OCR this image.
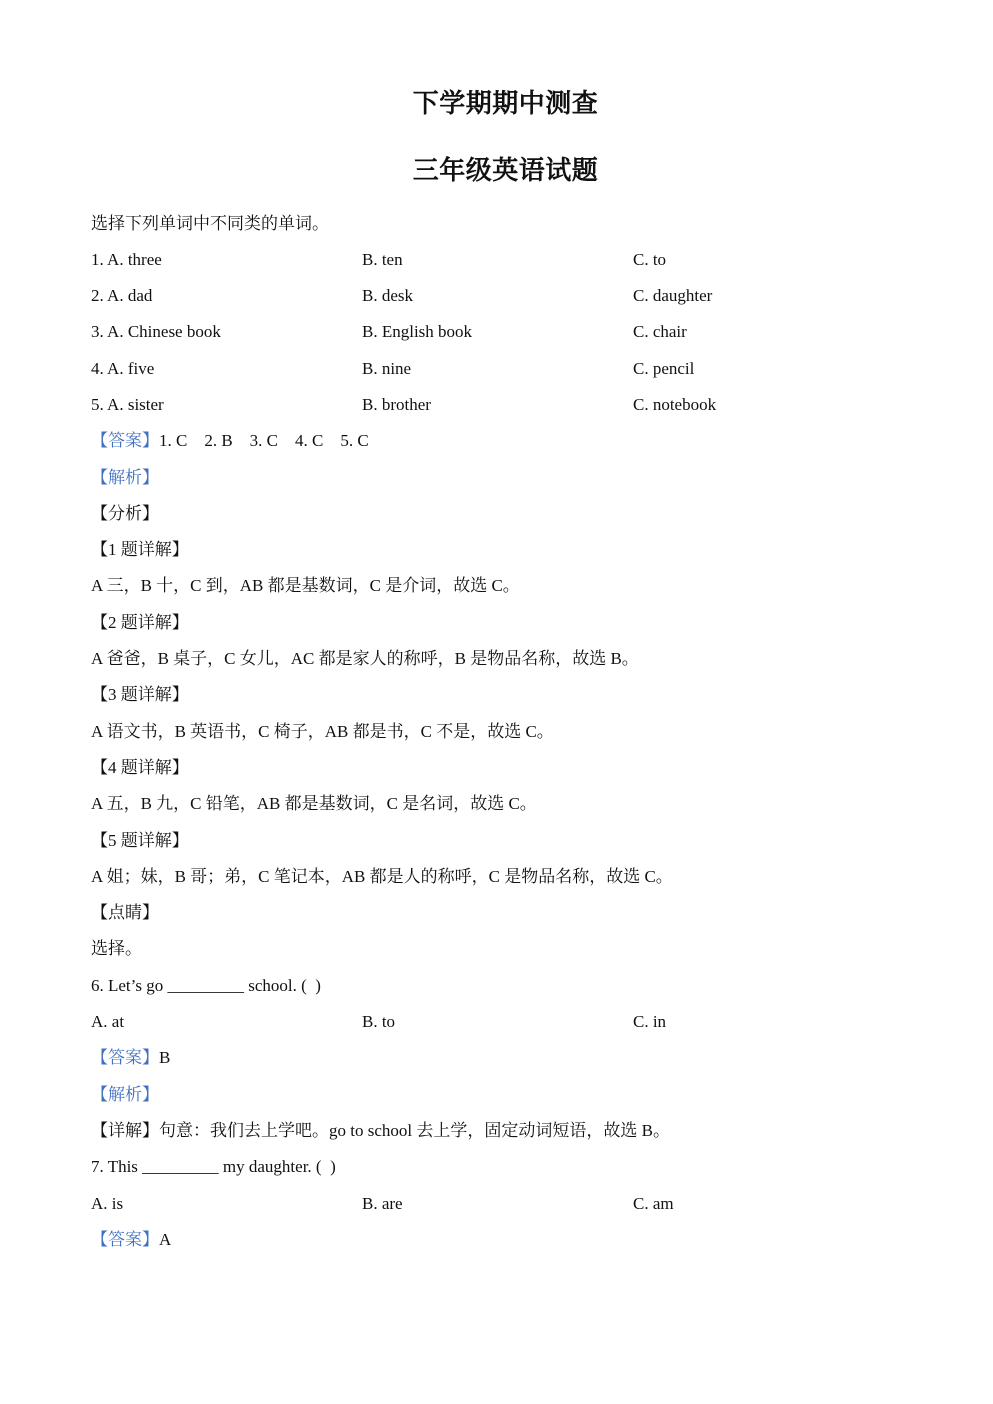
下学期期中测查
三年级英语试题
选择下列单词中不同类的单词。
1. A. three	B. ten	C. to
2. A. dad	B. desk	C. daughter
3. A. Chinese book	B. English book	C. chair
4. A. five	B. nine	C. pencil
5. A. sister	B. brother	C. notebook
【答案】1. C    2. B    3. C    4. C    5. C
【解析】
【分析】
【1 题详解】
A 三，B 十，C 到，AB 都是基数词，C 是介词，故选 C。
【2 题详解】
A 爸爸，B 桌子，C 女儿，AC 都是家人的称呼，B 是物品名称，故选 B。
【3 题详解】
A 语文书，B 英语书，C 椅子，AB 都是书，C 不是，故选 C。
【4 题详解】
A 五，B 九，C 铅笔，AB 都是基数词，C 是名词，故选 C。
【5 题详解】
A 姐；妹，B 哥；弟，C 笔记本，AB 都是人的称呼，C 是物品名称，故选 C。
【点睛】
选择。
6. Let’s go _________ school. (  )
A. at	B. to	C. in
【答案】B
【解析】
【详解】句意：我们去上学吧。go to school 去上学，固定动词短语，故选 B。
7. This _________ my daughter. (  )
A. is	B. are	C. am
【答案】A
